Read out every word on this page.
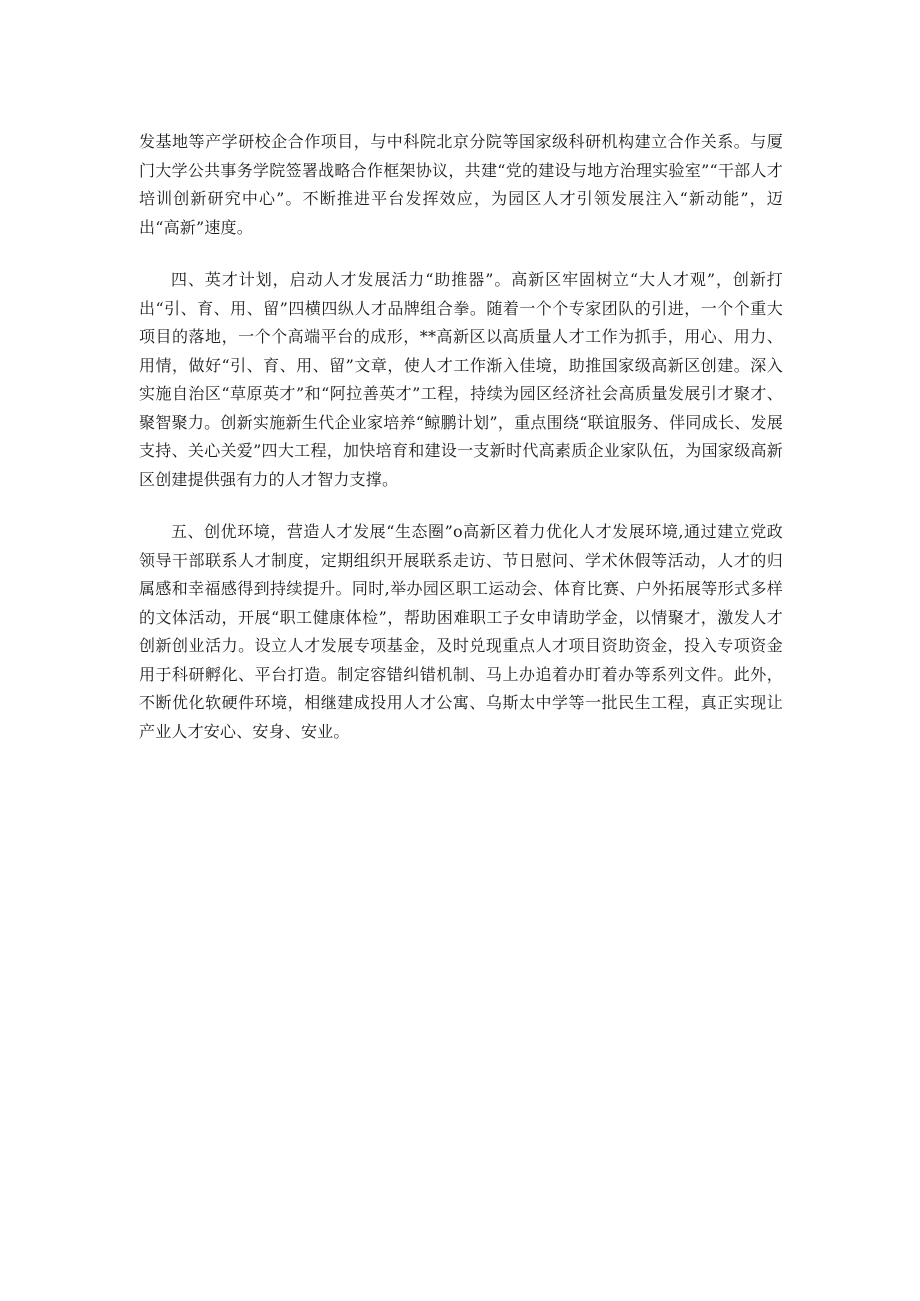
发基地等产学研校企合作项目，与中科院北京分院等国家级科研机构建立合作关系。与厦门大学公共事务学院签署战略合作框架协议，共建“党的建设与地方治理实验室”“干部人才培训创新研究中心”。不断推进平台发挥效应，为园区人才引领发展注入“新动能”，迈出“高新”速度。

四、英才计划，启动人才发展活力“助推器”。高新区牢固树立“大人才观”，创新打出“引、育、用、留”四横四纵人才品牌组合拳。随着一个个专家团队的引进，一个个重大项目的落地，一个个高端平台的成形，**高新区以高质量人才工作为抓手，用心、用力、用情，做好“引、育、用、留”文章，使人才工作渐入佳境，助推国家级高新区创建。深入实施自治区“草原英才”和“阿拉善英才”工程，持续为园区经济社会高质量发展引才聚才、聚智聚力。创新实施新生代企业家培养“鲸鹏计划”，重点围绕“联谊服务、伴同成长、发展支持、关心关爱”四大工程，加快培育和建设一支新时代高素质企业家队伍，为国家级高新区创建提供强有力的人才智力支撑。

五、创优环境，营造人才发展“生态圈”o高新区着力优化人才发展环境,通过建立党政领导干部联系人才制度，定期组织开展联系走访、节日慰问、学术休假等活动，人才的归属感和幸福感得到持续提升。同时,举办园区职工运动会、体育比赛、户外拓展等形式多样的文体活动，开展“职工健康体检”，帮助困难职工子女申请助学金，以情聚才，激发人才创新创业活力。设立人才发展专项基金，及时兑现重点人才项目资助资金，投入专项资金用于科研孵化、平台打造。制定容错纠错机制、马上办追着办盯着办等系列文件。此外，不断优化软硬件环境，相继建成投用人才公寓、乌斯太中学等一批民生工程，真正实现让产业人才安心、安身、安业。
